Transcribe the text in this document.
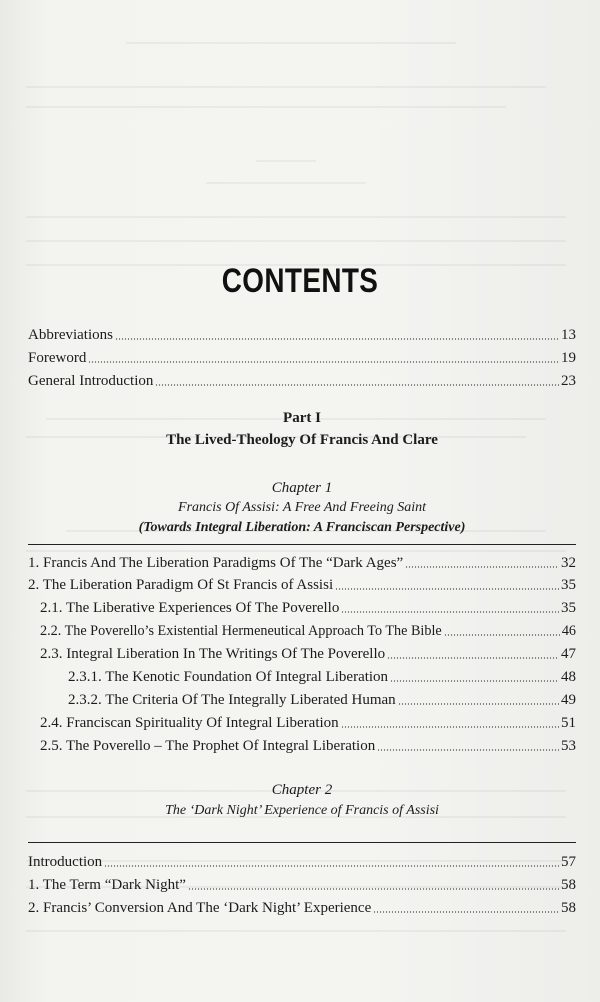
CONTENTS
Abbreviations	13
Foreword	19
General Introduction	23
Part I
The Lived-Theology Of Francis And Clare
Chapter 1
Francis Of Assisi: A Free And Freeing Saint
(Towards Integral Liberation: A Franciscan Perspective)
1. Francis And The Liberation Paradigms Of The “Dark Ages”	32
2. The Liberation Paradigm Of St Francis of Assisi	35
2.1. The Liberative Experiences Of The Poverello	35
2.2. The Poverello’s Existential Hermeneutical Approach To The Bible	46
2.3. Integral Liberation In The Writings Of The Poverello	47
2.3.1. The Kenotic Foundation Of Integral Liberation	48
2.3.2. The Criteria Of The Integrally Liberated Human	49
2.4. Franciscan Spirituality Of Integral Liberation	51
2.5. The Poverello – The Prophet Of Integral Liberation	53
Chapter 2
The ‘Dark Night’ Experience of Francis of Assisi
Introduction	57
1. The Term “Dark Night”	58
2. Francis’ Conversion And The ‘Dark Night’ Experience	58
